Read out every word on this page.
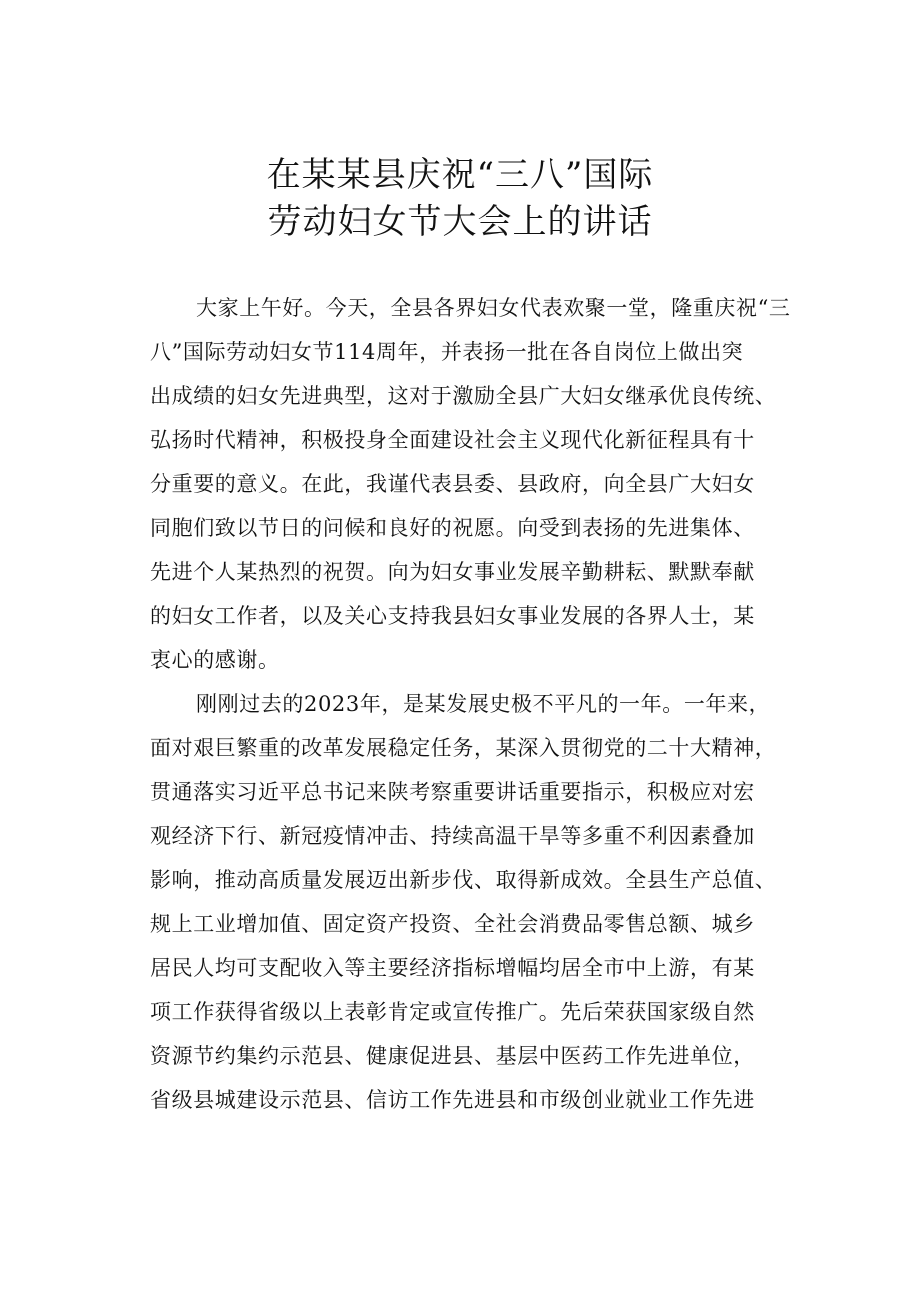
在某某县庆祝“三八”国际
劳动妇女节大会上的讲话
大家上午好。今天，全县各界妇女代表欢聚一堂，隆重庆祝“三
八”国际劳动妇女节114周年，并表扬一批在各自岗位上做出突
出成绩的妇女先进典型，这对于激励全县广大妇女继承优良传统、
弘扬时代精神，积极投身全面建设社会主义现代化新征程具有十
分重要的意义。在此，我谨代表县委、县政府，向全县广大妇女
同胞们致以节日的问候和良好的祝愿。向受到表扬的先进集体、
先进个人某热烈的祝贺。向为妇女事业发展辛勤耕耘、默默奉献
的妇女工作者，以及关心支持我县妇女事业发展的各界人士，某
衷心的感谢。
刚刚过去的2023年，是某发展史极不平凡的一年。一年来，
面对艰巨繁重的改革发展稳定任务，某深入贯彻党的二十大精神，
贯通落实习近平总书记来陕考察重要讲话重要指示，积极应对宏
观经济下行、新冠疫情冲击、持续高温干旱等多重不利因素叠加
影响，推动高质量发展迈出新步伐、取得新成效。全县生产总值、
规上工业增加值、固定资产投资、全社会消费品零售总额、城乡
居民人均可支配收入等主要经济指标增幅均居全市中上游，有某
项工作获得省级以上表彰肯定或宣传推广。先后荣获国家级自然
资源节约集约示范县、健康促进县、基层中医药工作先进单位，
省级县城建设示范县、信访工作先进县和市级创业就业工作先进
